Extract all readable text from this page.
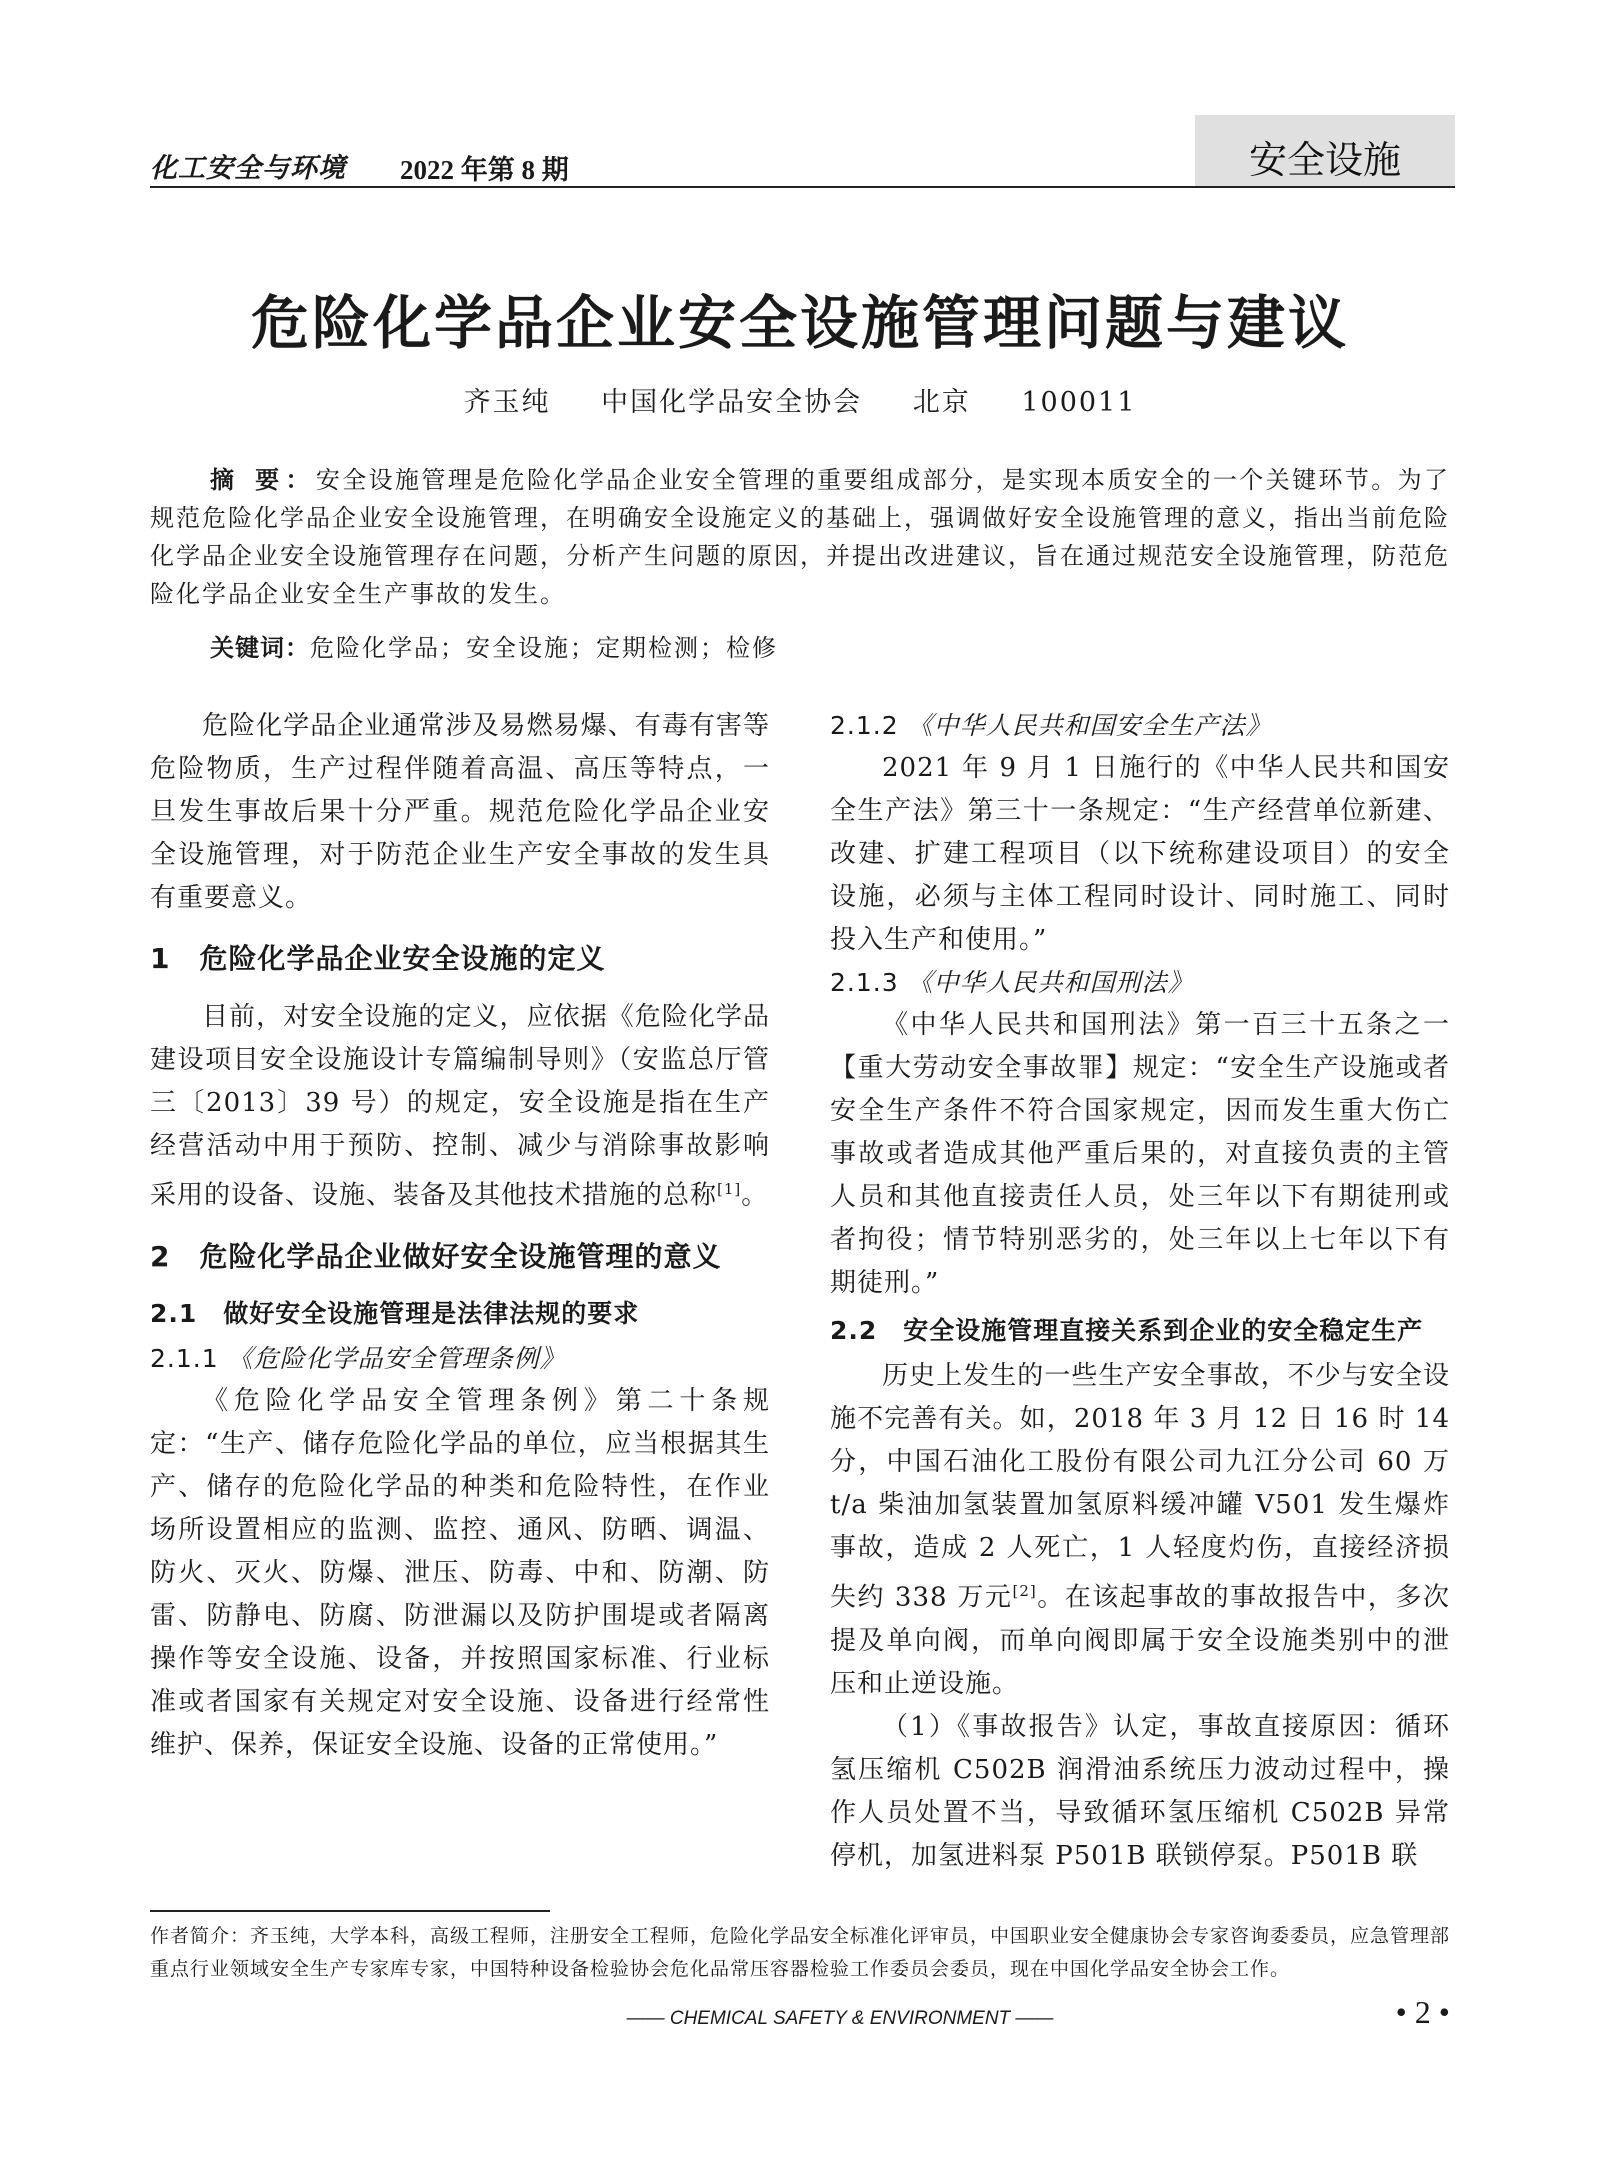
化工安全与环境 2022 年第 8 期	安全设施
危险化学品企业安全设施管理问题与建议
齐玉纯 中国化学品安全协会 北京 100011
摘 要：安全设施管理是危险化学品企业安全管理的重要组成部分，是实现本质安全的一个关键环节。为了规范危险化学品企业安全设施管理，在明确安全设施定义的基础上，强调做好安全设施管理的意义，指出当前危险化学品企业安全设施管理存在问题，分析产生问题的原因，并提出改进建议，旨在通过规范安全设施管理，防范危险化学品企业安全生产事故的发生。
关键词：危险化学品；安全设施；定期检测；检修

危险化学品企业通常涉及易燃易爆、有毒有害等危险物质，生产过程伴随着高温、高压等特点，一旦发生事故后果十分严重。规范危险化学品企业安全设施管理，对于防范企业生产安全事故的发生具有重要意义。

1　危险化学品企业安全设施的定义

目前，对安全设施的定义，应依据《危险化学品建设项目安全设施设计专篇编制导则》（安监总厅管三〔2013〕39 号）的规定，安全设施是指在生产经营活动中用于预防、控制、减少与消除事故影响采用的设备、设施、装备及其他技术措施的总称[1]。

2　危险化学品企业做好安全设施管理的意义
2.1　做好安全设施管理是法律法规的要求
2.1.1 《危险化学品安全管理条例》

《危险化学品安全管理条例》第二十条规定：“生产、储存危险化学品的单位，应当根据其生产、储存的危险化学品的种类和危险特性，在作业场所设置相应的监测、监控、通风、防晒、调温、防火、灭火、防爆、泄压、防毒、中和、防潮、防雷、防静电、防腐、防泄漏以及防护围堤或者隔离操作等安全设施、设备，并按照国家标准、行业标准或者国家有关规定对安全设施、设备进行经常性维护、保养，保证安全设施、设备的正常使用。”

2.1.2 《中华人民共和国安全生产法》

2021 年 9 月 1 日施行的《中华人民共和国安全生产法》第三十一条规定：“生产经营单位新建、改建、扩建工程项目（以下统称建设项目）的安全设施，必须与主体工程同时设计、同时施工、同时投入生产和使用。”

2.1.3 《中华人民共和国刑法》

《中华人民共和国刑法》第一百三十五条之一【重大劳动安全事故罪】规定：“安全生产设施或者安全生产条件不符合国家规定，因而发生重大伤亡事故或者造成其他严重后果的，对直接负责的主管人员和其他直接责任人员，处三年以下有期徒刑或者拘役；情节特别恶劣的，处三年以上七年以下有期徒刑。”

2.2　安全设施管理直接关系到企业的安全稳定生产

历史上发生的一些生产安全事故，不少与安全设施不完善有关。如，2018 年 3 月 12 日 16 时 14 分，中国石油化工股份有限公司九江分公司 60 万 t/a 柴油加氢装置加氢原料缓冲罐 V501 发生爆炸事故，造成 2 人死亡，1 人轻度灼伤，直接经济损失约 338 万元[2]。在该起事故的事故报告中，多次提及单向阀，而单向阀即属于安全设施类别中的泄压和止逆设施。

（1）《事故报告》认定，事故直接原因：循环氢压缩机 C502B 润滑油系统压力波动过程中，操作人员处置不当，导致循环氢压缩机 C502B 异常停机，加氢进料泵 P501B 联锁停泵。P501B 联

作者简介：齐玉纯，大学本科，高级工程师，注册安全工程师，危险化学品安全标准化评审员，中国职业安全健康协会专家咨询委委员，应急管理部重点行业领域安全生产专家库专家，中国特种设备检验协会危化品常压容器检验工作委员会委员，现在中国化学品安全协会工作。
—— CHEMICAL SAFETY & ENVIRONMENT ——	• 2 •
